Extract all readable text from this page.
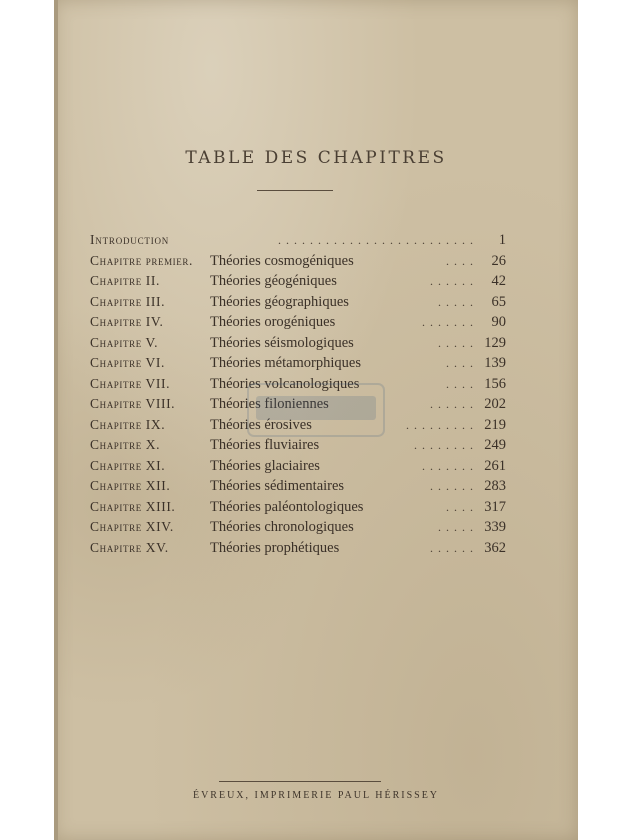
TABLE DES CHAPITRES
Introduction	......................... 1
Chapitre premier. Théories cosmogéniques	.... 26
Chapitre II.	Théories géogéniques	...... 42
Chapitre III.	Théories géographiques	..... 65
Chapitre IV.	Théories orogéniques	....... 90
Chapitre V.	Théories séismologiques	..... 129
Chapitre VI.	Théories métamorphiques	.... 139
Chapitre VII.	Théories volcanologiques	.... 156
Chapitre VIII. Théories filoniennes	...... 202
Chapitre IX.	Théories érosives	......... 219
Chapitre X.	Théories fluviaires	........ 249
Chapitre XI.	Théories glaciaires	....... 261
Chapitre XII.	Théories sédimentaires	...... 283
Chapitre XIII. Théories paléontologiques	.... 317
Chapitre XIV. Théories chronologiques	..... 339
Chapitre XV.	Théories prophétiques	...... 362
ÉVREUX, IMPRIMERIE PAUL HÉRISSEY
